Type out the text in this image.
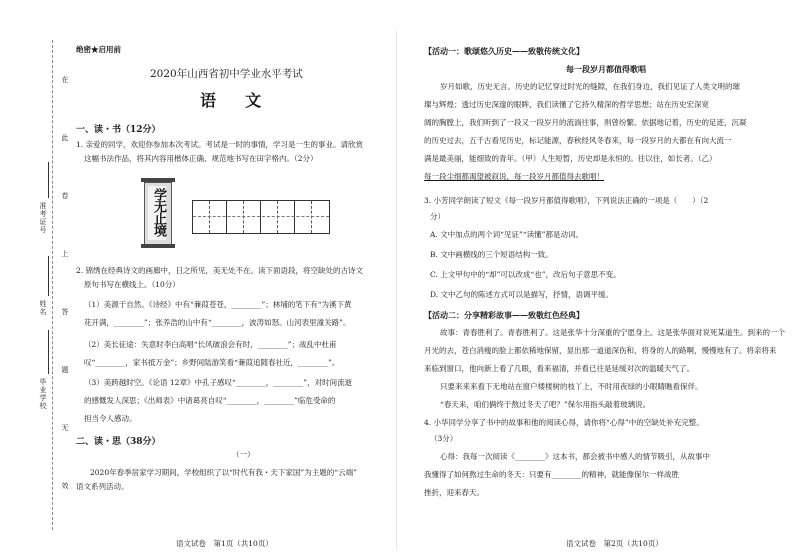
在
此
卷
上
答
题
无
效
准考证号
姓名
毕业学校
绝密★启用前
2020年山西省初中学业水平考试
语  文
一、读・书（12分）
1. 亲爱的同学，欢迎你参加本次考试。考试是一时的事情，学习是一生的事业。请欣赏
这幅书法作品，将其内容用楷体正确、规范地书写在田字格内。（2分）
学无止境
2. 锦绣在经典诗文的画廊中，日之所见，美无处不在。读下面语段，将空缺处的古诗文
原句书写在横线上。（10分）
（1）美源于自然。《诗经》中有“蒹葭苍苍，________”；林埔的笔下有“为溪下黄
花开满，________”；张养浩的山中有“________，波涛如怒。山河表里潼关路”。
（2）美长征途：失意时李白高唱“长风破浪会有时，________”；战乱中杜甫
叹“________，家书抵万金”；乡野间陆游笑看“蒹葭追随春社近，________”。
（3）美跨越时空。《论语 12章》中孔子感叹“________，________”，对时间流逝
的感慨发人深思；《出师表》中诸葛亮自叹“________，________”临危受命的
担当令人感动。
二、读・思（38分）
（一）
2020年春季居家学习期间，学校组织了以“时代有我・天下家国”为主题的“云端”
语文系列活动。
语文试卷　第1页（共10页）
【活动一：歌颂悠久历史——致敬传统文化】
每一段岁月都值得歌唱
岁月如歌，历史无言。历史的记忆穿过时光的缝隙，在我们身边，我们见证了人类文明的璀
璨与辉煌；透过历史深邃的眼眸，我们读懂了它持久精深的哲学思想；站在历史宏深宽
阔的胸膛上，我们听到了一段又一段岁月的流淌往事，则曾纷繁。依据地记着，历史的足迹，沉凝
的历史过去，五千古看见历史，标记能源，春秋经风冬春来，每一段岁月的大都在有向大流一
满是最美丽，能细致的青年。（甲）人生短暂，历史却是永恒的。往以往，如长者。（乙）
每一段尘细都渴望被叙说，每一段岁月都值得去歌唱！
3. 小芳同学朗读了短文《每一段岁月都值得歌唱》，下列说法正确的一项是（　　）（2
分）
A. 文中加点的两个词“见证”“读懂”都是动词。
B. 文中画横线的三个短语结构一致。
C. 上文甲句中的“却”可以改成“也”，改后句子意思不变。
D. 文中乙句的陈述方式可以是描写，抒情，语调平缓。
【活动二：分享精彩故事——致敬红色经典】
故事：青春胜利了。青春胜利了。这是张华十分深重的宁愿身上。这是张华面对说死某道生。到来的一个
月光的去，苍白消瘦的脸上都依稀地保留，显出那一道道深伤和，将身的人的路啊，慢慢地有了。将亲将来
来临到窗口，他向新上看了几眼，看来福清，并看已往是延缓对次的温暖天气了。
只要来来来看下无地站在窗户楼楼树的枝丫上，不时用夜绿的小眼睛瞧看保伴。
“春天来，咱们俩终于熬过冬天了吧？”保尔用指头敲着玻璃说。
4. 小华同学分享了书中的故事和他的阅读心得，请你将“心得”中的空缺处补充完整。
（3分）
心得：我每一次阅读《________》这本书，都会被书中感人的情节吸引，从故事中
我懂得了如何熬过生命的冬天：只要有________的精神，就能像保尔一样战胜
挫折，迎来春天。
语文试卷　第2页（共10页）
